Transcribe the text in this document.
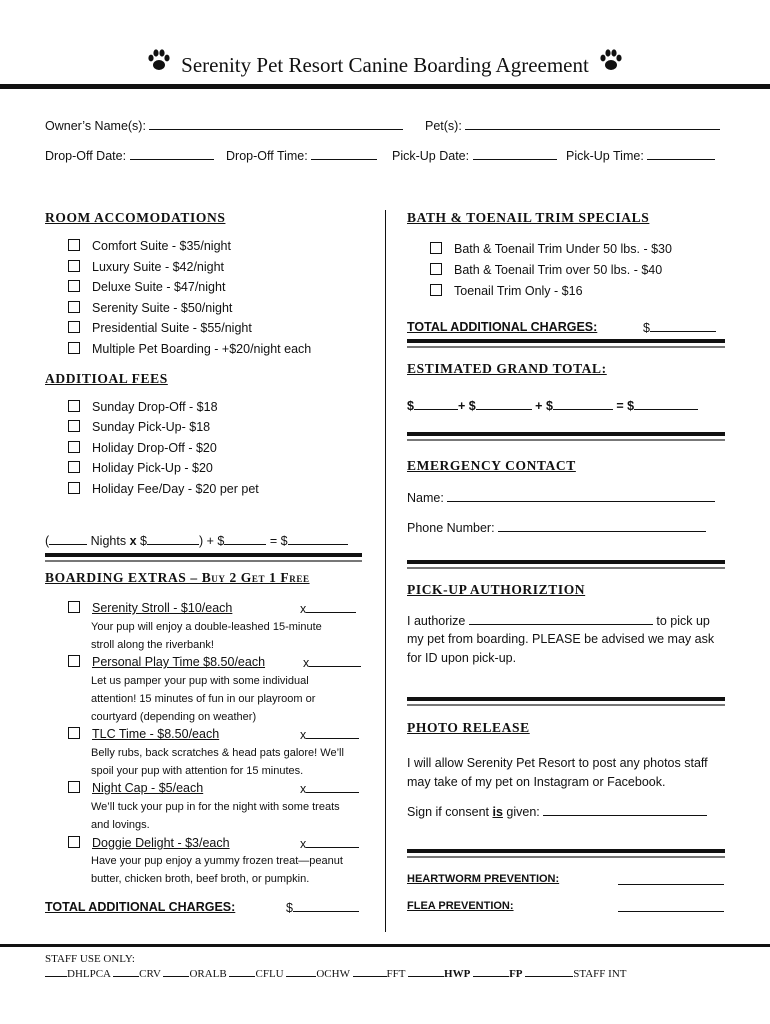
Serenity Pet Resort Canine Boarding Agreement
Owner’s Name(s):	Pet(s):
Drop-Off Date:	Drop-Off Time:	Pick-Up Date:	Pick-Up Time:
ROOM ACCOMODATIONS
Comfort Suite - $35/night
Luxury Suite - $42/night
Deluxe Suite - $47/night
Serenity Suite - $50/night
Presidential Suite - $55/night
Multiple Pet Boarding - +$20/night each
ADDITIOAL FEES
Sunday Drop-Off - $18
Sunday Pick-Up- $18
Holiday Drop-Off - $20
Holiday Pick-Up - $20
Holiday Fee/Day - $20 per pet
(	Nights x $	) + $	= $
BOARDING EXTRAS – Buy 2 Get 1 Free
Serenity Stroll - $10/each	x
Your pup will enjoy a double-leashed 15-minute
stroll along the riverbank!
Personal Play Time $8.50/each	x
Let us pamper your pup with some individual
attention! 15 minutes of fun in our playroom or
courtyard (depending on weather)
TLC Time - $8.50/each	x
Belly rubs, back scratches & head pats galore! We’ll
spoil your pup with attention for 15 minutes.
Night Cap - $5/each	x
We’ll tuck your pup in for the night with some treats
and lovings.
Doggie Delight - $3/each	x
Have your pup enjoy a yummy frozen treat—peanut
butter, chicken broth, beef broth, or pumpkin.
TOTAL ADDITIONAL CHARGES:	$
BATH & TOENAIL TRIM SPECIALS
Bath & Toenail Trim Under 50 lbs. - $30
Bath & Toenail Trim over 50 lbs. - $40
Toenail Trim Only - $16
TOTAL ADDITIONAL CHARGES:	$
ESTIMATED GRAND TOTAL:
$	+ $	+ $	= $
EMERGENCY CONTACT
Name:
Phone Number:
PICK-UP AUTHORIZTION
I authorize	to pick up
my pet from boarding. PLEASE be advised we may ask
for ID upon pick-up.
PHOTO RELEASE
I will allow Serenity Pet Resort to post any photos staff
may take of my pet on Instagram or Facebook.
Sign if consent is given:
HEARTWORM PREVENTION:
FLEA PREVENTION:
STAFF USE ONLY:
DHLPCA	CRV	ORALB	CFLU	OCHW	FFT	HWP	FP	STAFF INT
